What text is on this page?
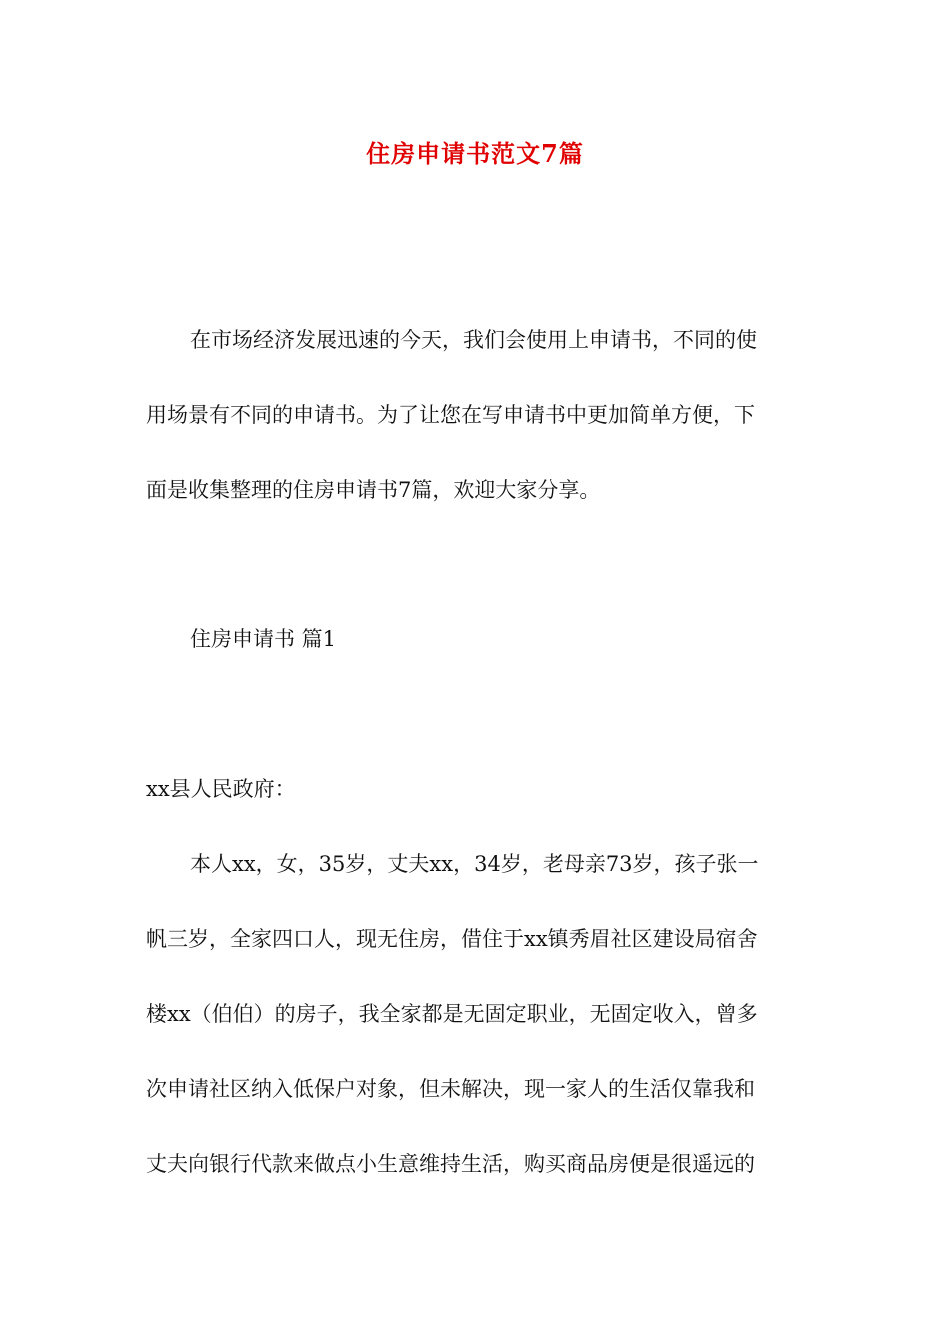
住房申请书范文7篇
在市场经济发展迅速的今天，我们会使用上申请书，不同的使
用场景有不同的申请书。为了让您在写申请书中更加简单方便，下
面是收集整理的住房申请书7篇，欢迎大家分享。
住房申请书 篇1
xx县人民政府：
本人xx，女，35岁，丈夫xx，34岁，老母亲73岁，孩子张一
帆三岁，全家四口人，现无住房，借住于xx镇秀眉社区建设局宿舍
楼xx（伯伯）的房子，我全家都是无固定职业，无固定收入，曾多
次申请社区纳入低保户对象，但未解决，现一家人的生活仅靠我和
丈夫向银行代款来做点小生意维持生活，购买商品房便是很遥远的
